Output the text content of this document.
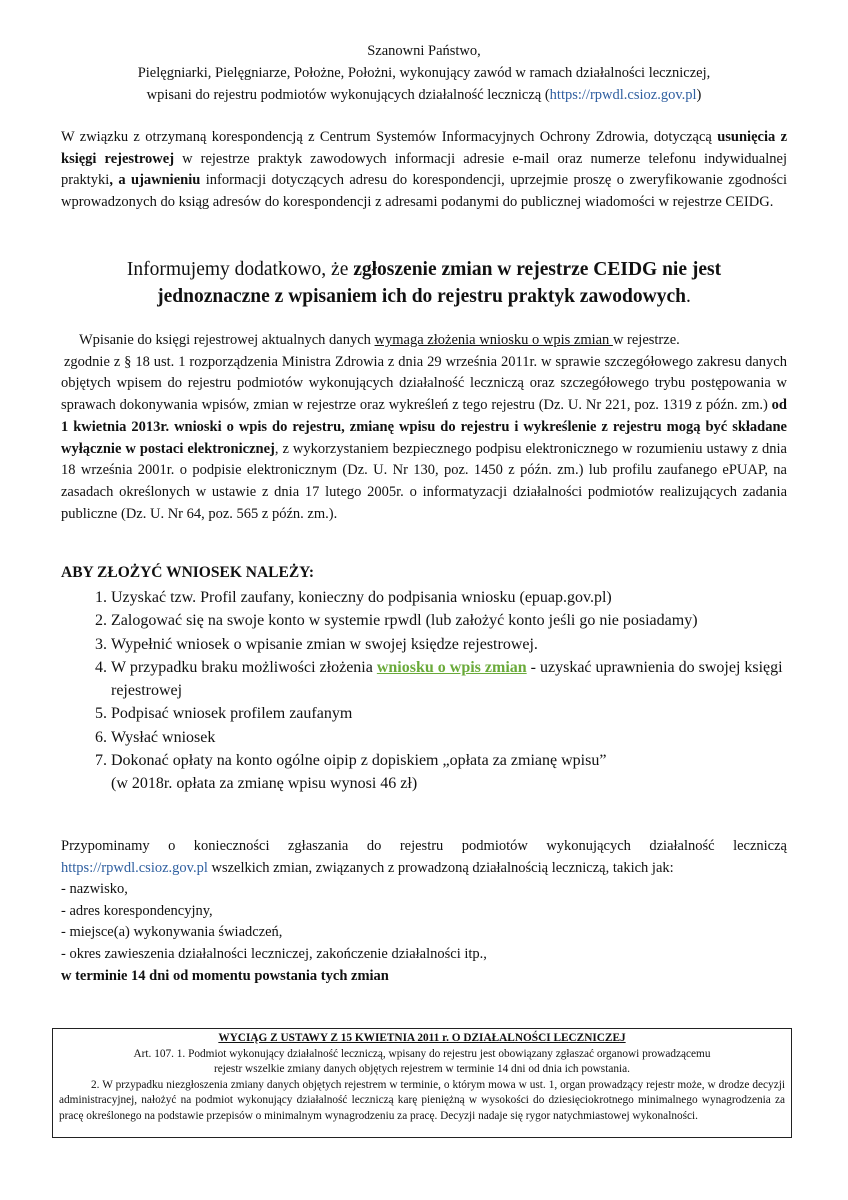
Szanowni Państwo,
Pielęgniarki, Pielęgniarze, Położne, Położni, wykonujący zawód w ramach działalności leczniczej,
wpisani do rejestru podmiotów wykonujących działalność leczniczą (https://rpwdl.csioz.gov.pl)

W związku z otrzymaną korespondencją z Centrum Systemów Informacyjnych Ochrony Zdrowia, dotyczącą usunięcia z księgi rejestrowej w rejestrze praktyk zawodowych informacji adresie e-mail oraz numerze telefonu indywidualnej praktyki, a ujawnieniu informacji dotyczących adresu do korespondencji, uprzejmie proszę o zweryfikowanie zgodności wprowadzonych do ksiąg adresów do korespondencji z adresami podanymi do publicznej wiadomości w rejestrze CEIDG.

Informujemy dodatkowo, że zgłoszenie zmian w rejestrze CEIDG nie jest
jednoznaczne z wpisaniem ich do rejestru praktyk zawodowych.

Wpisanie do księgi rejestrowej aktualnych danych wymaga złożenia wniosku o wpis zmian w rejestrze.

zgodnie z § 18 ust. 1 rozporządzenia Ministra Zdrowia z dnia 29 września 2011r. w sprawie szczegółowego zakresu danych objętych wpisem do rejestru podmiotów wykonujących działalność leczniczą oraz szczegółowego trybu postępowania w sprawach dokonywania wpisów, zmian w rejestrze oraz wykreśleń z tego rejestru (Dz. U. Nr 221, poz. 1319 z późn. zm.) od 1 kwietnia 2013r. wnioski o wpis do rejestru, zmianę wpisu do rejestru i wykreślenie z rejestru mogą być składane wyłącznie w postaci elektronicznej, z wykorzystaniem bezpiecznego podpisu elektronicznego w rozumieniu ustawy z dnia 18 września 2001r. o podpisie elektronicznym (Dz. U. Nr 130, poz. 1450 z późn. zm.) lub profilu zaufanego ePUAP, na zasadach określonych w ustawie z dnia 17 lutego 2005r. o informatyzacji działalności podmiotów realizujących zadania publiczne (Dz. U. Nr 64, poz. 565 z późn. zm.).

ABY ZŁOŻYĆ WNIOSEK NALEŻY:
1. Uzyskać tzw. Profil zaufany, konieczny do podpisania wniosku (epuap.gov.pl)
2. Zalogować się na swoje konto w systemie rpwdl (lub założyć konto jeśli go nie posiadamy)
3. Wypełnić wniosek o wpisanie zmian w swojej księdze rejestrowej.
4. W przypadku braku możliwości złożenia wniosku o wpis zmian - uzyskać uprawnienia do swojej księgi rejestrowej
5. Podpisać wniosek profilem zaufanym
6. Wysłać wniosek
7. Dokonać opłaty na konto ogólne oipip z dopiskiem „opłata za zmianę wpisu”
(w 2018r. opłata za zmianę wpisu wynosi 46 zł)

Przypominamy o konieczności zgłaszania do rejestru podmiotów wykonujących działalność leczniczą https://rpwdl.csioz.gov.pl wszelkich zmian, związanych z prowadzoną działalnością leczniczą, takich jak:

- nazwisko,
- adres korespondencyjny,
- miejsce(a) wykonywania świadczeń,
- okres zawieszenia działalności leczniczej, zakończenie działalności itp.,
w terminie 14 dni od momentu powstania tych zmian
WYCIĄG Z USTAWY Z 15 KWIETNIA 2011 r. O DZIAŁALNOŚCI LECZNICZEJ
Art. 107. 1. Podmiot wykonujący działalność leczniczą, wpisany do rejestru jest obowiązany zgłaszać organowi prowadzącemu
rejestr wszelkie zmiany danych objętych rejestrem w terminie 14 dni od dnia ich powstania.
2. W przypadku niezgłoszenia zmiany danych objętych rejestrem w terminie, o którym mowa w ust. 1, organ prowadzący rejestr może, w drodze decyzji administracyjnej, nałożyć na podmiot wykonujący działalność leczniczą karę pieniężną w wysokości do dziesięciokrotnego minimalnego wynagrodzenia za pracę określonego na podstawie przepisów o minimalnym wynagrodzeniu za pracę. Decyzji nadaje się rygor natychmiastowej wykonalności.
